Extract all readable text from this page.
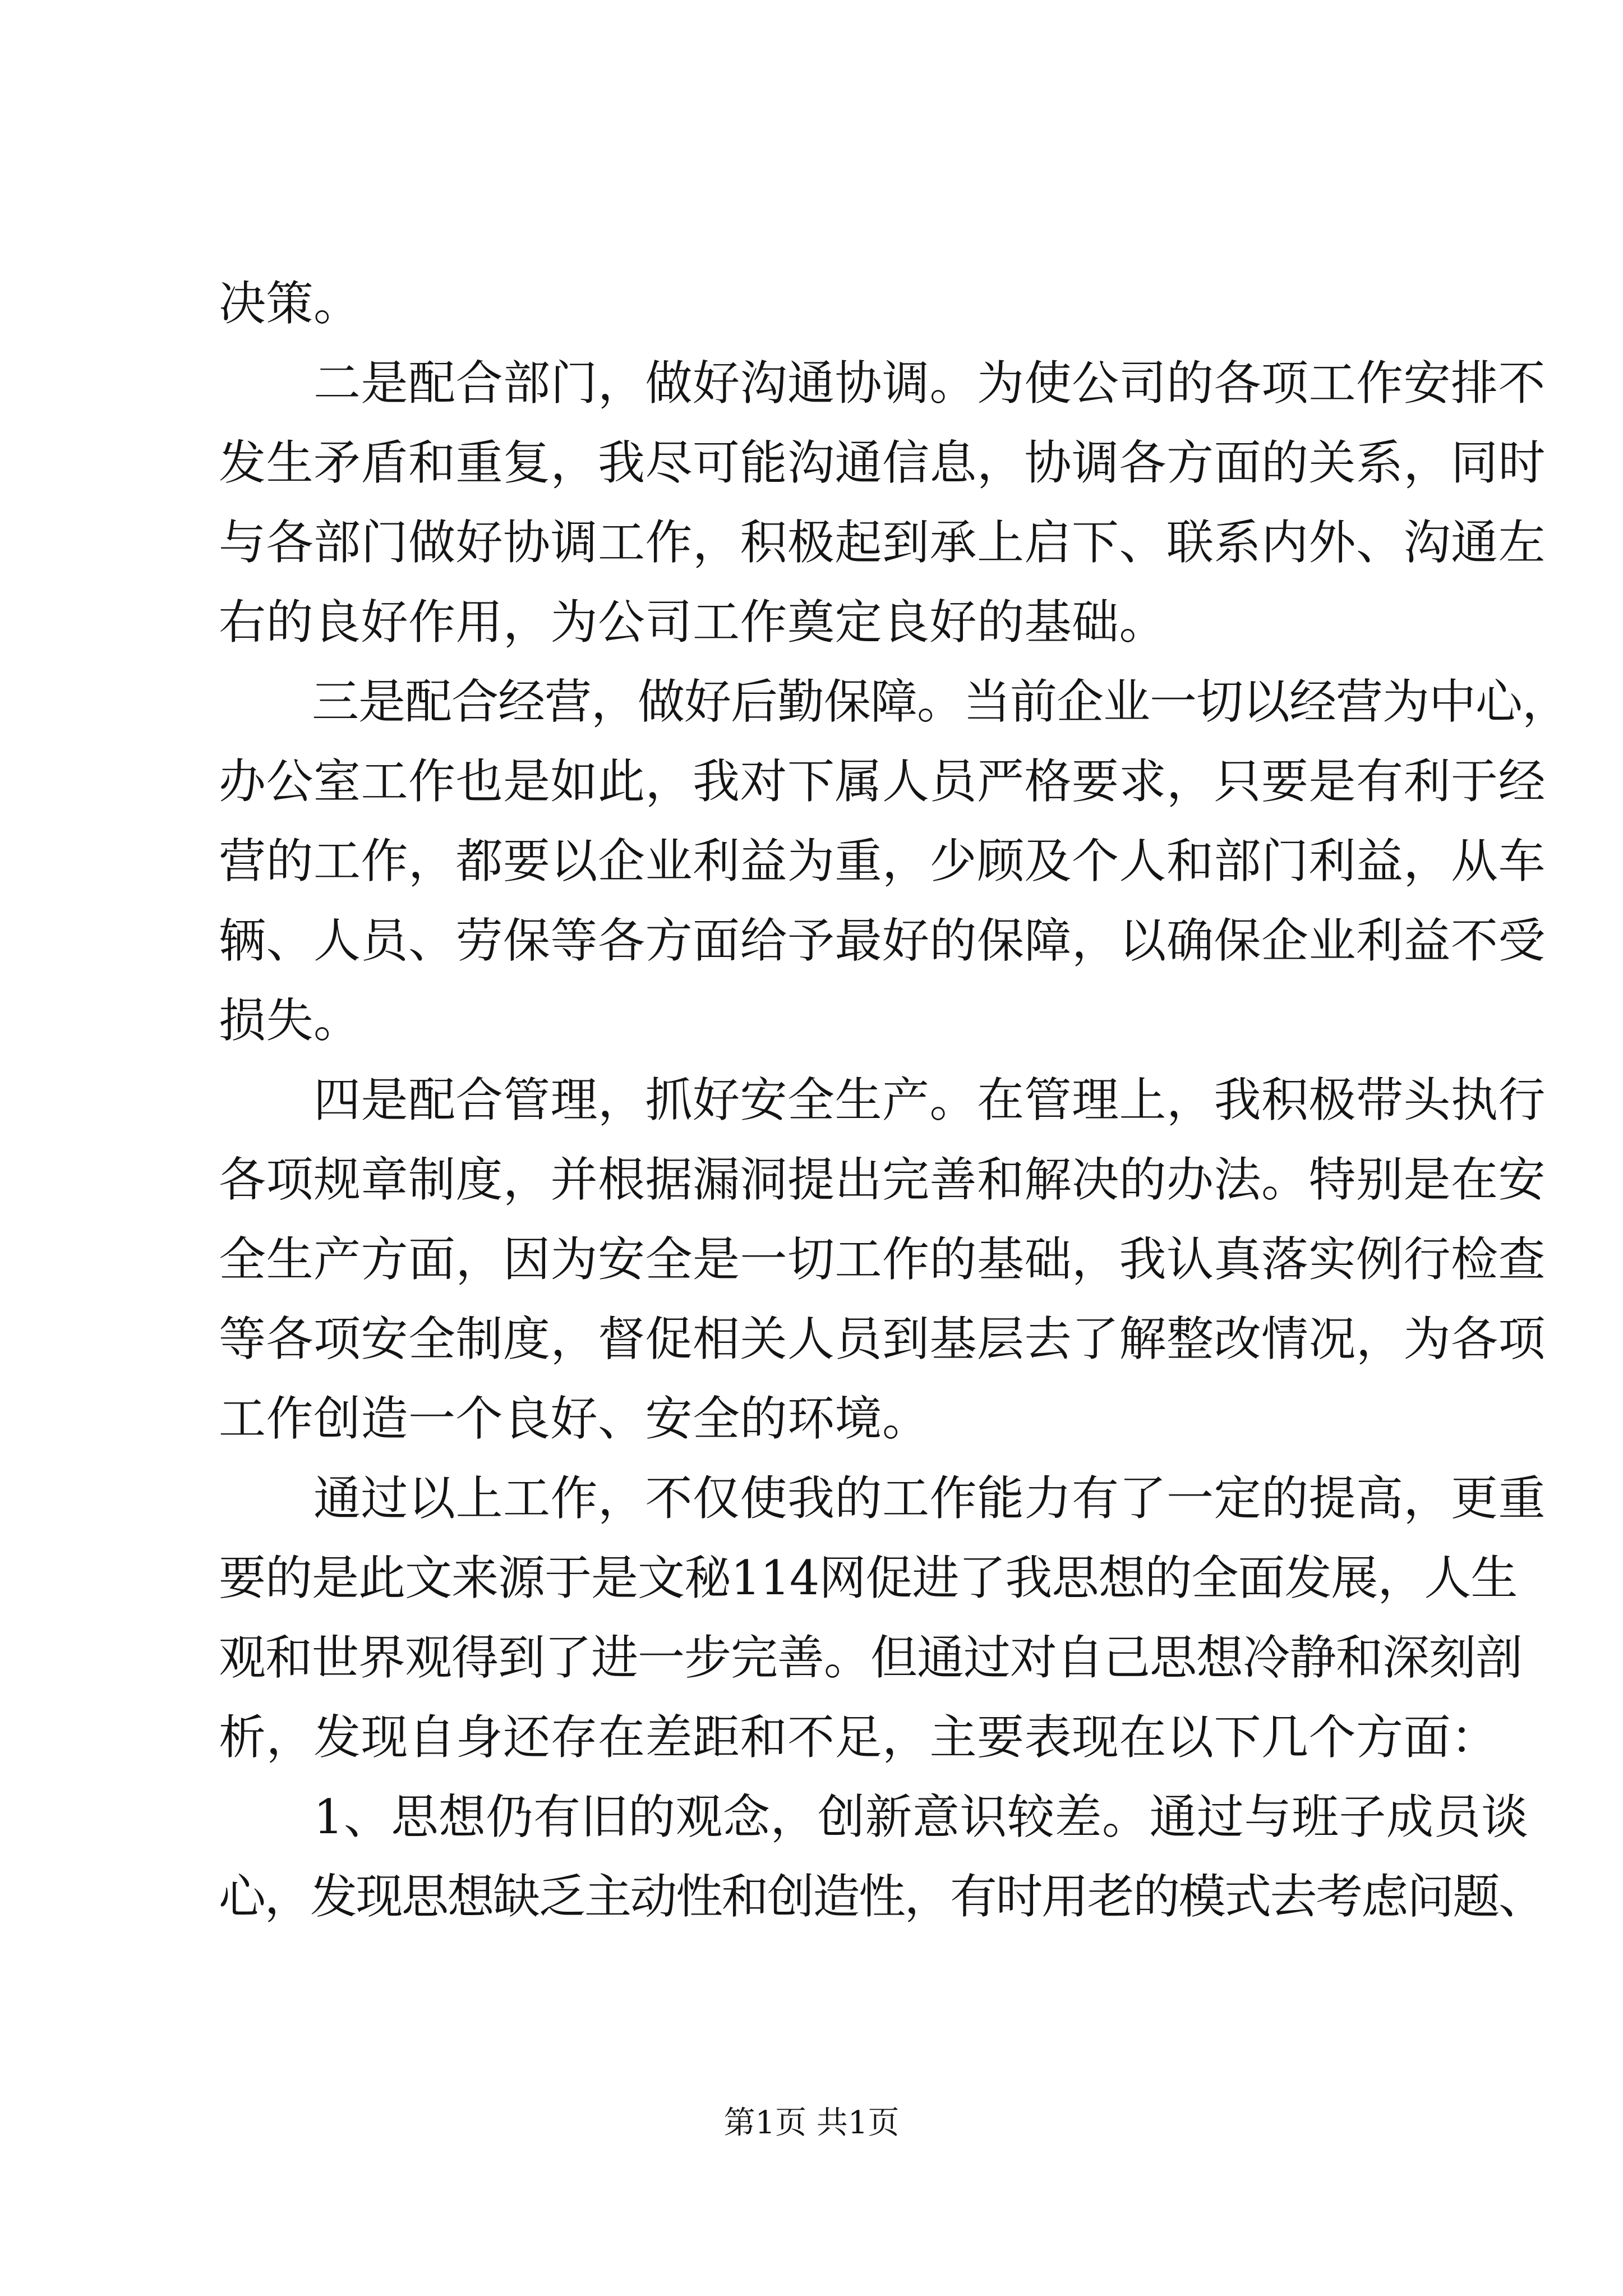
决策。
　　二是配合部门，做好沟通协调。为使公司的各项工作安排不
发生矛盾和重复，我尽可能沟通信息，协调各方面的关系，同时
与各部门做好协调工作，积极起到承上启下、联系内外、沟通左
右的良好作用，为公司工作奠定良好的基础。
　　三是配合经营，做好后勤保障。当前企业一切以经营为中心，
办公室工作也是如此，我对下属人员严格要求，只要是有利于经
营的工作，都要以企业利益为重，少顾及个人和部门利益，从车
辆、人员、劳保等各方面给予最好的保障，以确保企业利益不受
损失。
　　四是配合管理，抓好安全生产。在管理上，我积极带头执行
各项规章制度，并根据漏洞提出完善和解决的办法。特别是在安
全生产方面，因为安全是一切工作的基础，我认真落实例行检查
等各项安全制度，督促相关人员到基层去了解整改情况，为各项
工作创造一个良好、安全的环境。
　　通过以上工作，不仅使我的工作能力有了一定的提高，更重
要的是此文来源于是文秘114网促进了我思想的全面发展，人生
观和世界观得到了进一步完善。但通过对自己思想冷静和深刻剖
析，发现自身还存在差距和不足，主要表现在以下几个方面：
　　1、思想仍有旧的观念，创新意识较差。通过与班子成员谈
心，发现思想缺乏主动性和创造性，有时用老的模式去考虑问题、
第1页 共1页
